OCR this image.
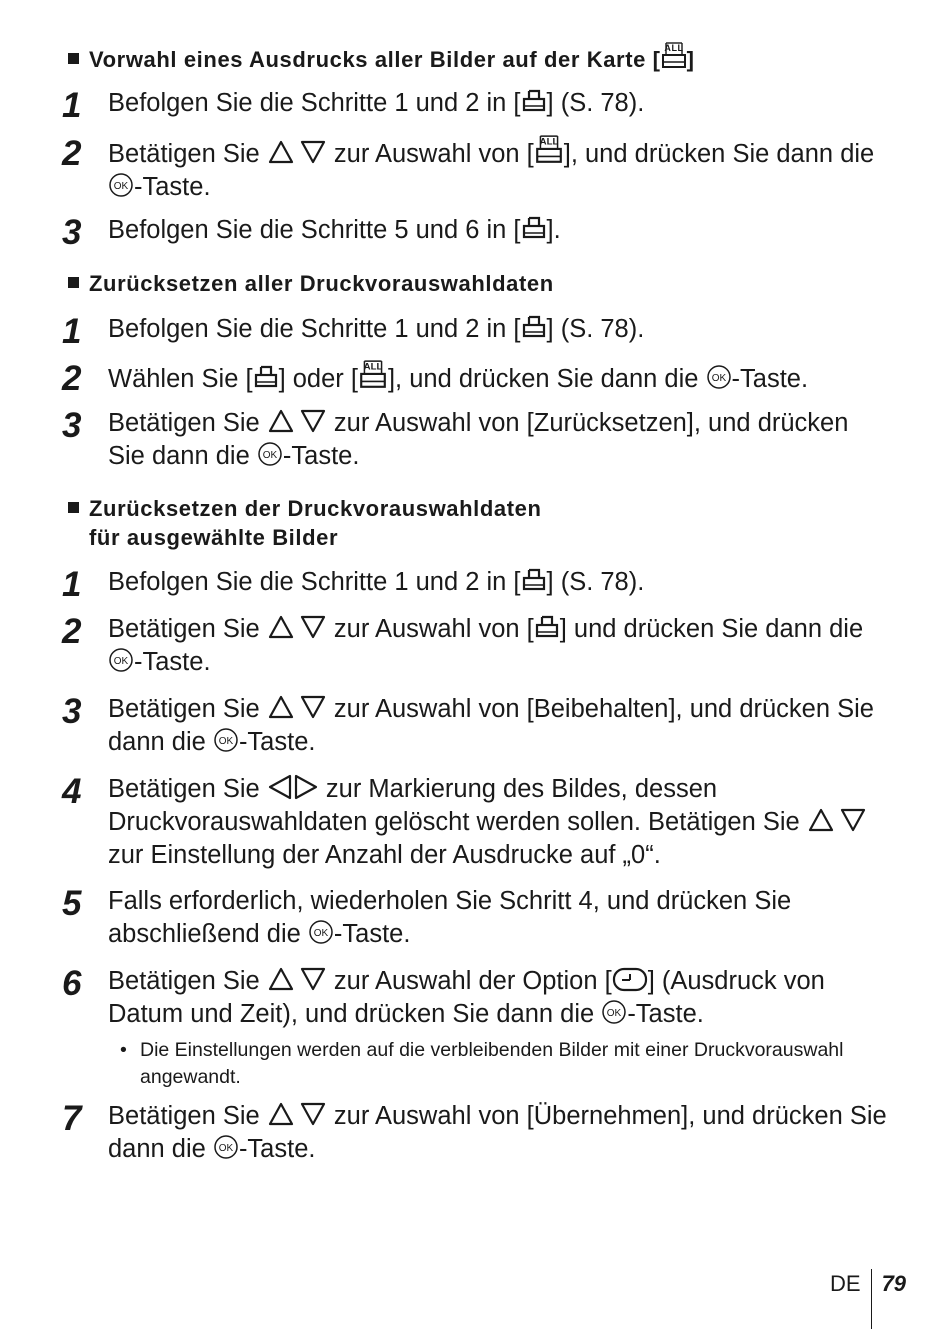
Vorwahl eines Ausdrucks aller Bilder auf der Karte [ ALL ]
1 Befolgen Sie die Schritte 1 und 2 in [ ] (S. 78).
2 Betätigen Sie	zur Auswahl von [ ALL ], und drücken Sie dann die
OK -Taste.
3 Befolgen Sie die Schritte 5 und 6 in [ ].
Zurücksetzen aller Druckvorauswahldaten
1 Befolgen Sie die Schritte 1 und 2 in [ ] (S. 78).
2 Wählen Sie [ ] oder [ ALL ], und drücken Sie dann die OK -Taste.
3 Betätigen Sie	zur Auswahl von [Zurücksetzen], und drücken Sie dann die OK -Taste.
Zurücksetzen der Druckvorauswahldaten
für ausgewählte Bilder
1 Befolgen Sie die Schritte 1 und 2 in [ ] (S. 78).
2 Betätigen Sie	zur Auswahl von [ ] und drücken Sie dann die
OK -Taste.
3 Betätigen Sie	zur Auswahl von [Beibehalten], und drücken Sie dann die OK -Taste.
4 Betätigen Sie	zur Markierung des Bildes, dessen Druckvorauswahldaten gelöscht werden sollen. Betätigen Sie
zur Einstellung der Anzahl der Ausdrucke auf „0“.
5 Falls erforderlich, wiederholen Sie Schritt 4, und drücken Sie abschließend die OK -Taste.
6 Betätigen Sie	zur Auswahl der Option [ ] (Ausdruck von Datum und Zeit), und drücken Sie dann die OK -Taste.
• Die Einstellungen werden auf die verbleibenden Bilder mit einer Druckvorauswahl angewandt.
7 Betätigen Sie	zur Auswahl von [Übernehmen], und drücken Sie dann die OK -Taste.
DE 79
